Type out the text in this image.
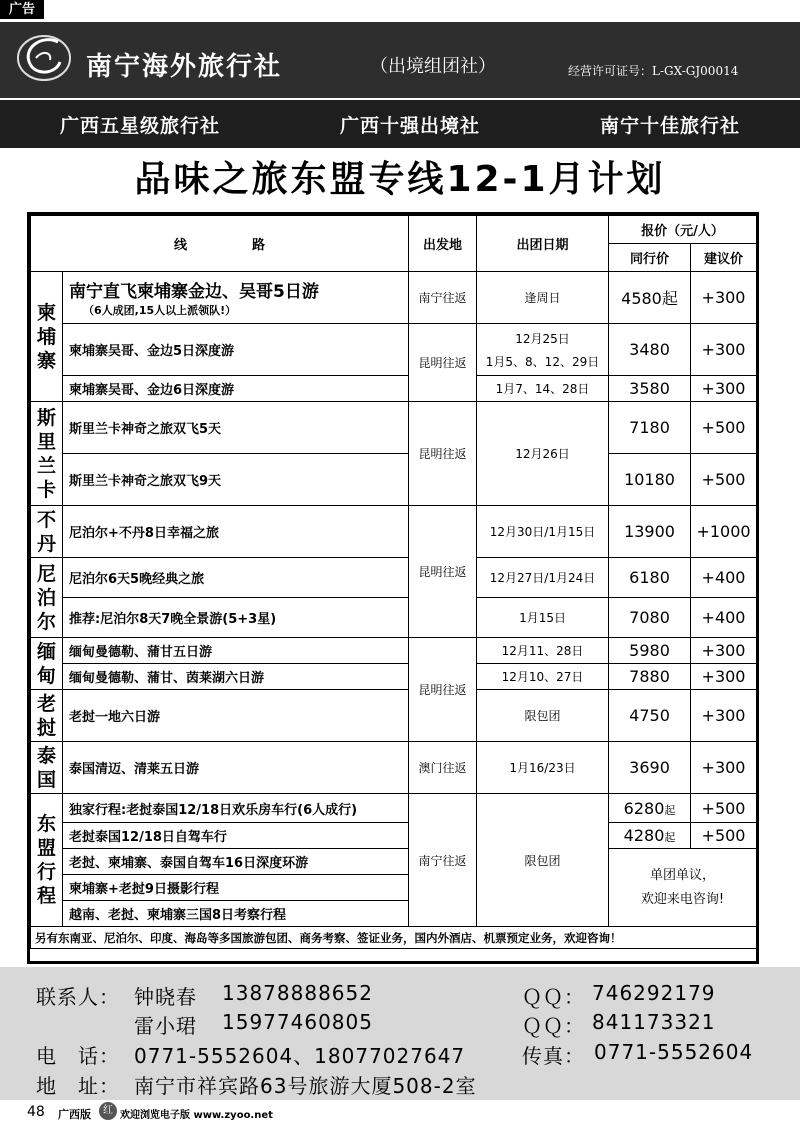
广告
南宁海外旅行社	（出境组团社）	经营许可证号：L-GX-GJ00014
广西五星级旅行社	广西十强出境社	南宁十佳旅行社
品味之旅东盟专线12-1月计划
线　　　　　路		出发地	出团日期	报价（元/人）	
				同行价	建议价
柬
埔
寨	南宁直飞柬埔寨金边、吴哥5日游
（6人成团,15人以上派领队!）	南宁往返	逢周日	4580起	+300
	柬埔寨吴哥、金边5日深度游	昆明往返	12月25日
1月5、8、12、29日	3480	+300
	柬埔寨吴哥、金边6日深度游		1月7、14、28日	3580	+300
斯
里
兰
卡	斯里兰卡神奇之旅双飞5天	昆明往返	12月26日	7180	+500
	斯里兰卡神奇之旅双飞9天			10180	+500
不
丹	尼泊尔+不丹8日幸福之旅	昆明往返	12月30日/1月15日	13900	+1000
尼
泊
尔	尼泊尔6天5晚经典之旅		12月27日/1月24日	6180	+400
	推荐:尼泊尔8天7晚全景游(5+3星)		1月15日	7080	+400
缅
甸	缅甸曼德勒、蒲甘五日游	昆明往返	12月11、28日	5980	+300
	缅甸曼德勒、蒲甘、茵莱湖六日游		12月10、27日	7880	+300
老
挝	老挝一地六日游		限包团	4750	+300
泰
国	泰国清迈、清莱五日游	澳门往返	1月16/23日	3690	+300
东
盟
行
程	独家行程:老挝泰国12/18日欢乐房车行(6人成行)	南宁往返	限包团	6280起	+500
	老挝泰国12/18日自驾车行			4280起	+500
	老挝、柬埔寨、泰国自驾车16日深度环游			单团单议，
欢迎来电咨询!	
	柬埔寨+老挝9日摄影行程				
	越南、老挝、柬埔寨三国8日考察行程				
另有东南亚、尼泊尔、印度、海岛等多国旅游包团、商务考察、签证业务，国内外酒店、机票预定业务，欢迎咨询！					
联系人： 钟晓春 13878888652	ＱＱ： 746292179
雷小珺 15977460805	ＱＱ： 841173321
电　话： 0771-5552604、18077027647	传真： 0771-5552604
地　址： 南宁市祥宾路63号旅游大厦508-2室
48 广西版	红 欢迎浏览电子版 www.zyoo.net
